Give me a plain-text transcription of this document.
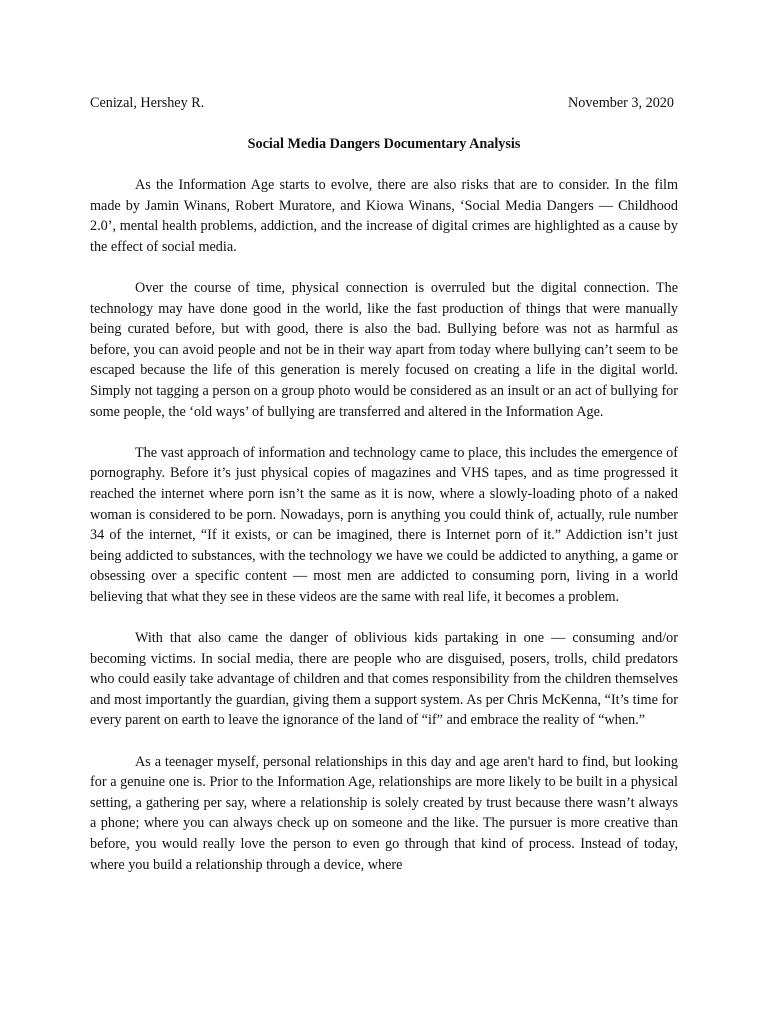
Cenizal, Hershey R.	November 3, 2020
Social Media Dangers Documentary Analysis

As the Information Age starts to evolve, there are also risks that are to consider. In the film made by Jamin Winans, Robert Muratore, and Kiowa Winans, ‘Social Media Dangers — Childhood 2.0’, mental health problems, addiction, and the increase of digital crimes are highlighted as a cause by the effect of social media.

Over the course of time, physical connection is overruled but the digital connection. The technology may have done good in the world, like the fast production of things that were manually being curated before, but with good, there is also the bad. Bullying before was not as harmful as before, you can avoid people and not be in their way apart from today where bullying can’t seem to be escaped because the life of this generation is merely focused on creating a life in the digital world. Simply not tagging a person on a group photo would be considered as an insult or an act of bullying for some people, the ‘old ways’ of bullying are transferred and altered in the Information Age.

The vast approach of information and technology came to place, this includes the emergence of pornography. Before it’s just physical copies of magazines and VHS tapes, and as time progressed it reached the internet where porn isn’t the same as it is now, where a slowly-loading photo of a naked woman is considered to be porn. Nowadays, porn is anything you could think of, actually, rule number 34 of the internet, “If it exists, or can be imagined, there is Internet porn of it.” Addiction isn’t just being addicted to substances, with the technology we have we could be addicted to anything, a game or obsessing over a specific content — most men are addicted to consuming porn, living in a world believing that what they see in these videos are the same with real life, it becomes a problem.

With that also came the danger of oblivious kids partaking in one — consuming and/or becoming victims. In social media, there are people who are disguised, posers, trolls, child predators who could easily take advantage of children and that comes responsibility from the children themselves and most importantly the guardian, giving them a support system. As per Chris McKenna, “It’s time for every parent on earth to leave the ignorance of the land of “if” and embrace the reality of “when.”

As a teenager myself, personal relationships in this day and age aren't hard to find, but looking for a genuine one is. Prior to the Information Age, relationships are more likely to be built in a physical setting, a gathering per say, where a relationship is solely created by trust because there wasn’t always a phone; where you can always check up on someone and the like. The pursuer is more creative than before, you would really love the person to even go through that kind of process. Instead of today, where you build a relationship through a device, where
